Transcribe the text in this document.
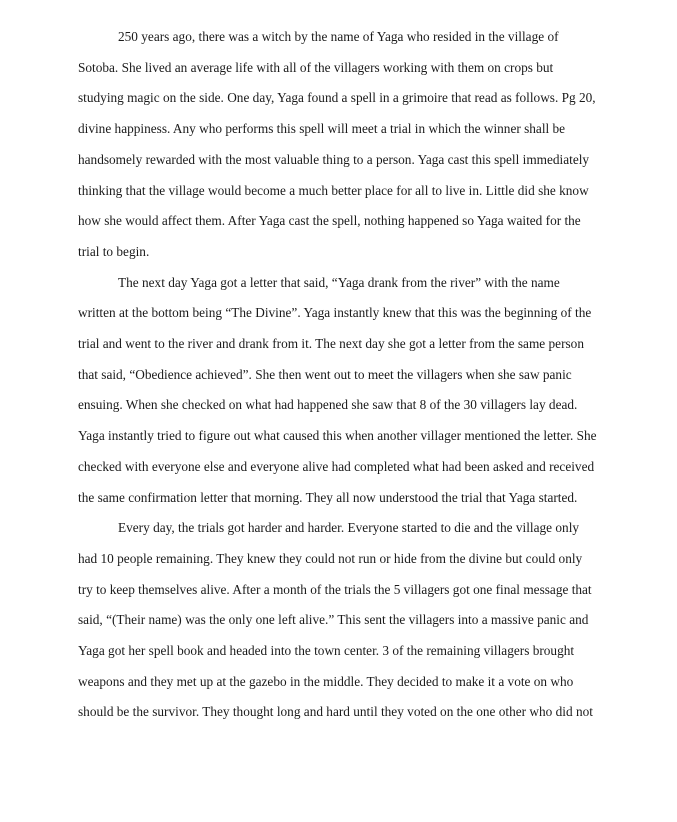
250 years ago, there was a witch by the name of Yaga who resided in the village of
Sotoba. She lived an average life with all of the villagers working with them on crops but
studying magic on the side. One day, Yaga found a spell in a grimoire that read as follows. Pg 20,
divine happiness. Any who performs this spell will meet a trial in which the winner shall be
handsomely rewarded with the most valuable thing to a person. Yaga cast this spell immediately
thinking that the village would become a much better place for all to live in. Little did she know
how she would affect them. After Yaga cast the spell, nothing happened so Yaga waited for the
trial to begin.

The next day Yaga got a letter that said, “Yaga drank from the river” with the name
written at the bottom being “The Divine”. Yaga instantly knew that this was the beginning of the
trial and went to the river and drank from it. The next day she got a letter from the same person
that said, “Obedience achieved”. She then went out to meet the villagers when she saw panic
ensuing. When she checked on what had happened she saw that 8 of the 30 villagers lay dead.
Yaga instantly tried to figure out what caused this when another villager mentioned the letter. She
checked with everyone else and everyone alive had completed what had been asked and received
the same confirmation letter that morning. They all now understood the trial that Yaga started.

Every day, the trials got harder and harder. Everyone started to die and the village only
had 10 people remaining. They knew they could not run or hide from the divine but could only
try to keep themselves alive. After a month of the trials the 5 villagers got one final message that
said, “(Their name) was the only one left alive.” This sent the villagers into a massive panic and
Yaga got her spell book and headed into the town center. 3 of the remaining villagers brought
weapons and they met up at the gazebo in the middle. They decided to make it a vote on who
should be the survivor. They thought long and hard until they voted on the one other who did not
